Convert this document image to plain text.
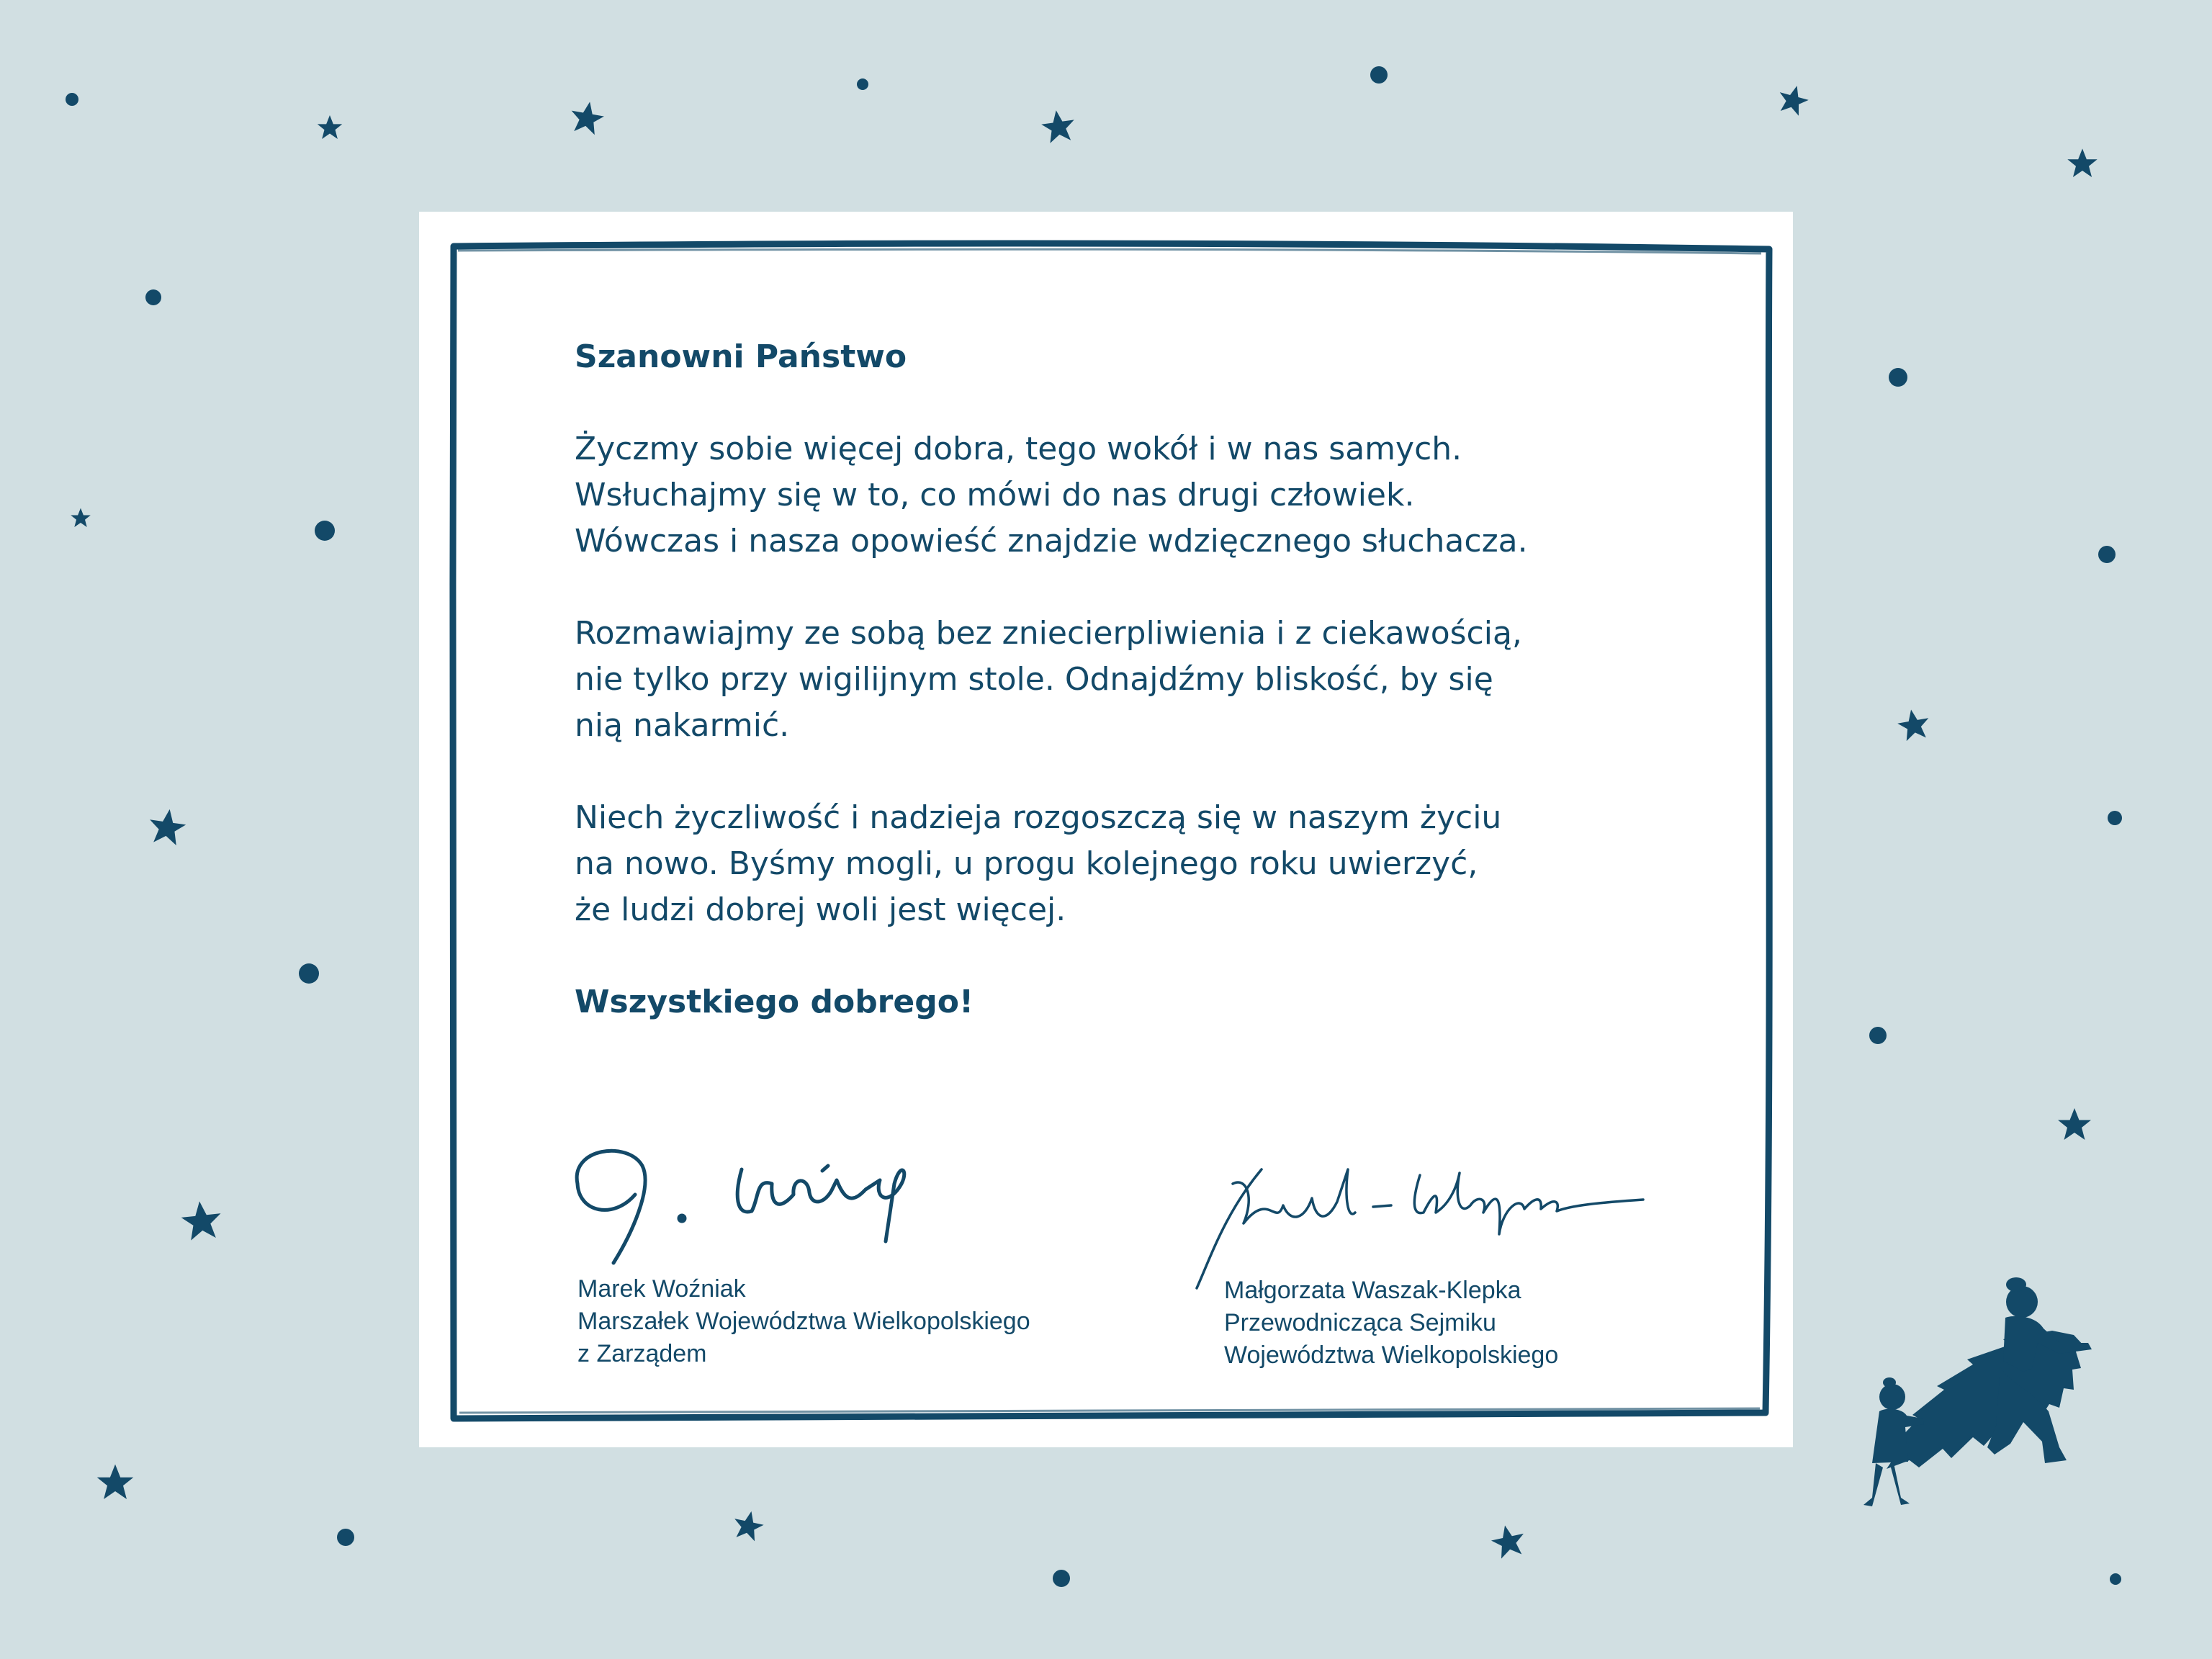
Szanowni Państwo

Życzmy sobie więcej dobra, tego wokół i w nas samych.
Wsłuchajmy się w to, co mówi do nas drugi człowiek.
Wówczas i nasza opowieść znajdzie wdzięcznego słuchacza.

Rozmawiajmy ze sobą bez zniecierpliwienia i z ciekawością,
nie tylko przy wigilijnym stole. Odnajdźmy bliskość, by się
nią nakarmić.

Niech życzliwość i nadzieja rozgoszczą się w naszym życiu
na nowo. Byśmy mogli, u progu kolejnego roku uwierzyć,
że ludzi dobrej woli jest więcej.

Wszystkiego dobrego!

Marek Woźniak
Marszałek Województwa Wielkopolskiego
z Zarządem
Małgorzata Waszak-Klepka
Przewodnicząca Sejmiku
Województwa Wielkopolskiego
